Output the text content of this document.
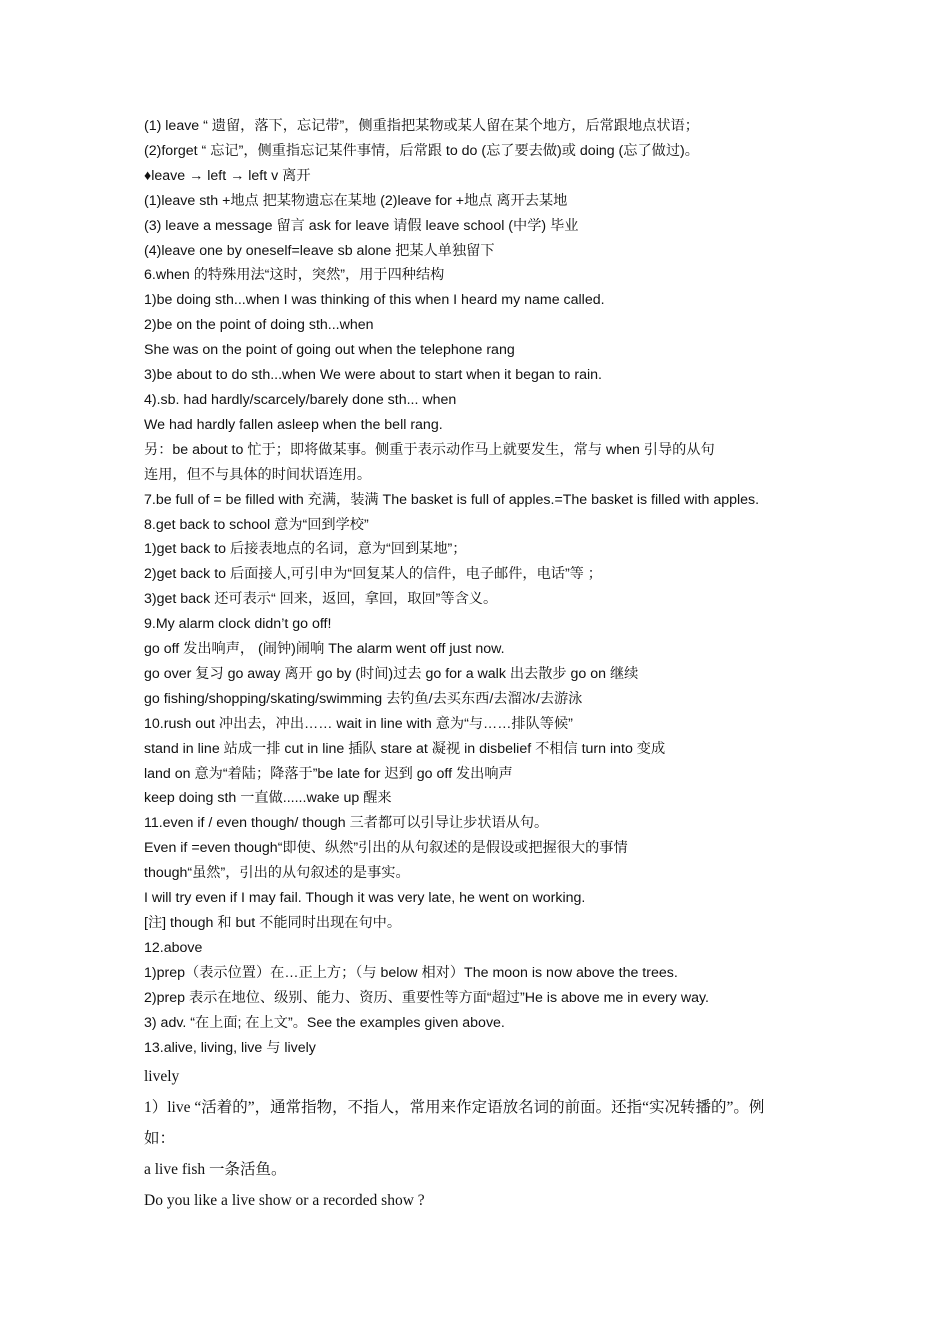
(1) leave “ 遗留，落下，忘记带”，侧重指把某物或某人留在某个地方，后常跟地点状语；
(2)forget “ 忘记”，侧重指忘记某件事情，后常跟 to do (忘了要去做)或 doing (忘了做过)。
♦leave → left → left v 离开
(1)leave sth +地点 把某物遗忘在某地 (2)leave for +地点 离开去某地
(3) leave a message 留言 ask for leave 请假 leave school (中学) 毕业
(4)leave one by oneself=leave sb alone 把某人单独留下
6.when 的特殊用法“这时，突然”，用于四种结构
1)be doing sth...when I was thinking of this when I heard my name called.
2)be on the point of doing sth...when
She was on the point of going out when the telephone rang
3)be about to do sth...when We were about to start when it began to rain.
4).sb. had hardly/scarcely/barely done sth... when
We had hardly fallen asleep when the bell rang.
另：be about to 忙于；即将做某事。侧重于表示动作马上就要发生，常与 when 引导的从句
连用，但不与具体的时间状语连用。
7.be full of = be filled with 充满，装满 The basket is full of apples.=The basket is filled with apples.
8.get back to school 意为“回到学校”
1)get back to 后接表地点的名词，意为“回到某地”；
2)get back to 后面接人,可引申为“回复某人的信件，电子邮件，电话”等 ；
3)get back 还可表示“ 回来，返回，拿回，取回”等含义。
9.My alarm clock didn’t go off!
go off 发出响声， (闹钟)闹响 The alarm went off just now.
go over 复习 go away 离开 go by (时间)过去 go for a walk 出去散步 go on 继续
go fishing/shopping/skating/swimming 去钓鱼/去买东西/去溜冰/去游泳
10.rush out 冲出去，冲出…… wait in line with 意为“与……排队等候”
stand in line 站成一排 cut in line 插队 stare at 凝视 in disbelief 不相信 turn into 变成
land on 意为“着陆；降落于”be late for 迟到 go off 发出响声
keep doing sth 一直做......wake up 醒来
11.even if / even though/ though 三者都可以引导让步状语从句。
Even if =even though“即使、纵然”引出的从句叙述的是假设或把握很大的事情
though“虽然”，引出的从句叙述的是事实。
I will try even if I may fail. Though it was very late, he went on working.
[注] though 和 but 不能同时出现在句中。
12.above
1)prep（表示位置）在…正上方；（与 below 相对）The moon is now above the trees.
2)prep 表示在地位、级别、能力、资历、重要性等方面“超过”He is above me in every way.
3) adv. “在上面; 在上文”。See the examples given above.
13.alive, living, live 与 lively
lively
1）live “活着的”，通常指物，不指人，常用来作定语放名词的前面。还指“实况转播的”。例
如：
a live fish 一条活鱼。
Do you like a live show or a recorded show ?
